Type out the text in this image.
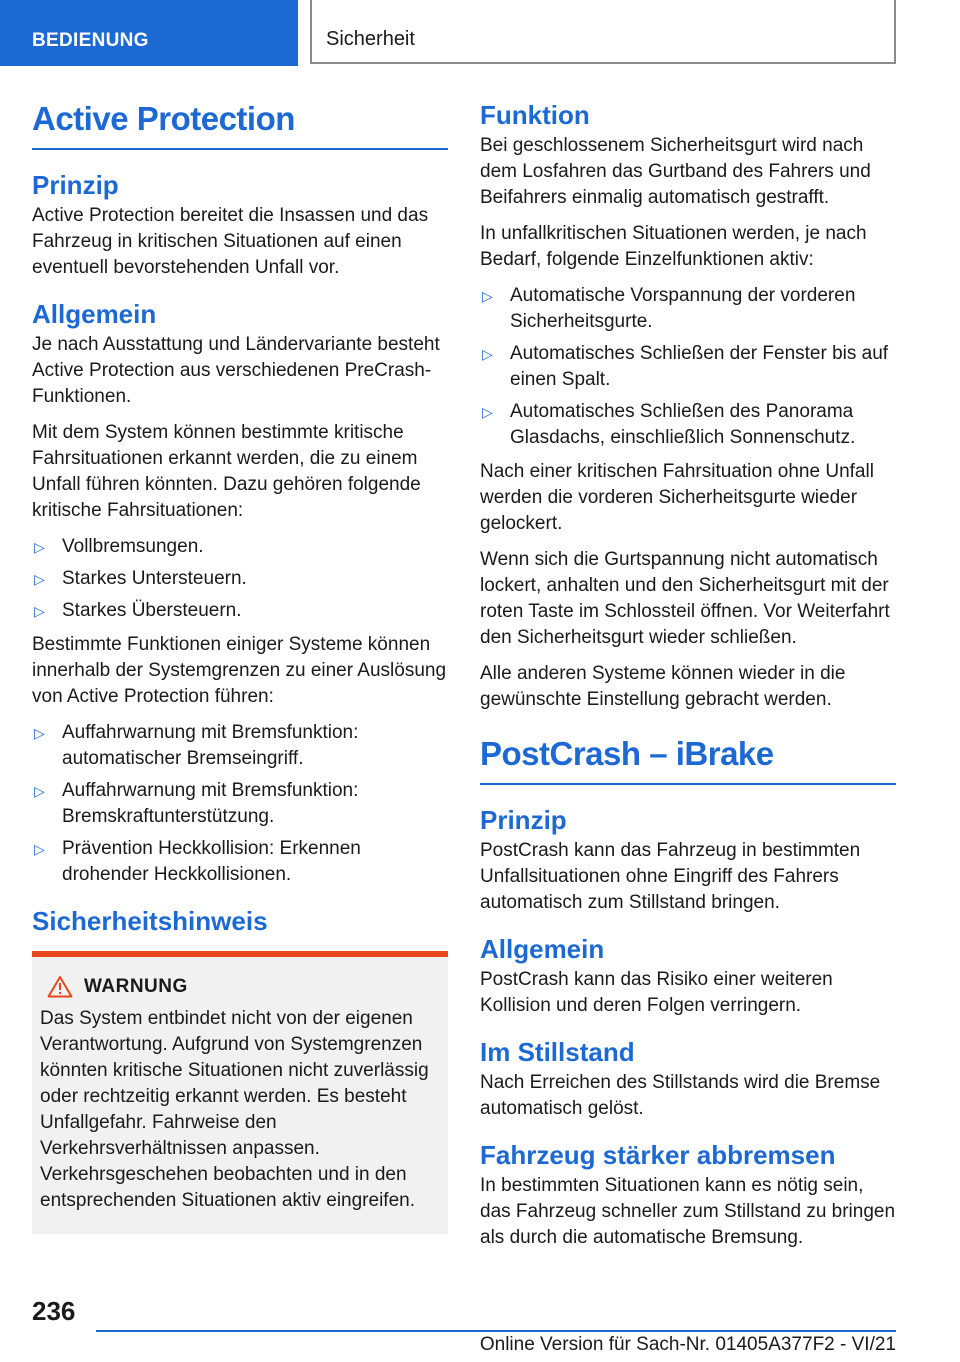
BEDIENUNG	Sicherheit
Active Protection
Prinzip

Active Protection bereitet die Insassen und das Fahrzeug in kritischen Situationen auf einen eventuell bevorstehenden Unfall vor.

Allgemein

Je nach Ausstattung und Ländervariante besteht Active Protection aus verschiedenen PreCrash-Funktionen.

Mit dem System können bestimmte kritische Fahrsituationen erkannt werden, die zu einem Unfall führen könnten. Dazu gehören folgende kritische Fahrsituationen:

▷ Vollbremsungen.
▷ Starkes Untersteuern.
▷ Starkes Übersteuern.

Bestimmte Funktionen einiger Systeme können innerhalb der Systemgrenzen zu einer Auslösung von Active Protection führen:

▷ Auffahrwarnung mit Bremsfunktion: automatischer Bremseingriff.
▷ Auffahrwarnung mit Bremsfunktion: Bremskraftunterstützung.
▷ Prävention Heckkollision: Erkennen drohender Heckkollisionen.
Sicherheitshinweis
WARNUNG

Das System entbindet nicht von der eigenen Verantwortung. Aufgrund von Systemgrenzen könnten kritische Situationen nicht zuverlässig oder rechtzeitig erkannt werden. Es besteht Unfallgefahr. Fahrweise den Verkehrsverhältnissen anpassen. Verkehrsgeschehen beobachten und in den entsprechenden Situationen aktiv eingreifen.

Funktion

Bei geschlossenem Sicherheitsgurt wird nach dem Losfahren das Gurtband des Fahrers und Beifahrers einmalig automatisch gestrafft.

In unfallkritischen Situationen werden, je nach Bedarf, folgende Einzelfunktionen aktiv:

▷ Automatische Vorspannung der vorderen Sicherheitsgurte.
▷ Automatisches Schließen der Fenster bis auf einen Spalt.
▷ Automatisches Schließen des Panorama Glasdachs, einschließlich Sonnenschutz.

Nach einer kritischen Fahrsituation ohne Unfall werden die vorderen Sicherheitsgurte wieder gelockert.

Wenn sich die Gurtspannung nicht automatisch lockert, anhalten und den Sicherheitsgurt mit der roten Taste im Schlossteil öffnen. Vor Weiterfahrt den Sicherheitsgurt wieder schließen.

Alle anderen Systeme können wieder in die gewünschte Einstellung gebracht werden.

PostCrash – iBrake
Prinzip

PostCrash kann das Fahrzeug in bestimmten Unfallsituationen ohne Eingriff des Fahrers automatisch zum Stillstand bringen.

Allgemein

PostCrash kann das Risiko einer weiteren Kollision und deren Folgen verringern.

Im Stillstand

Nach Erreichen des Stillstands wird die Bremse automatisch gelöst.

Fahrzeug stärker abbremsen

In bestimmten Situationen kann es nötig sein, das Fahrzeug schneller zum Stillstand zu bringen als durch die automatische Bremsung.

236
Online Version für Sach-Nr. 01405A377F2 - VI/21
